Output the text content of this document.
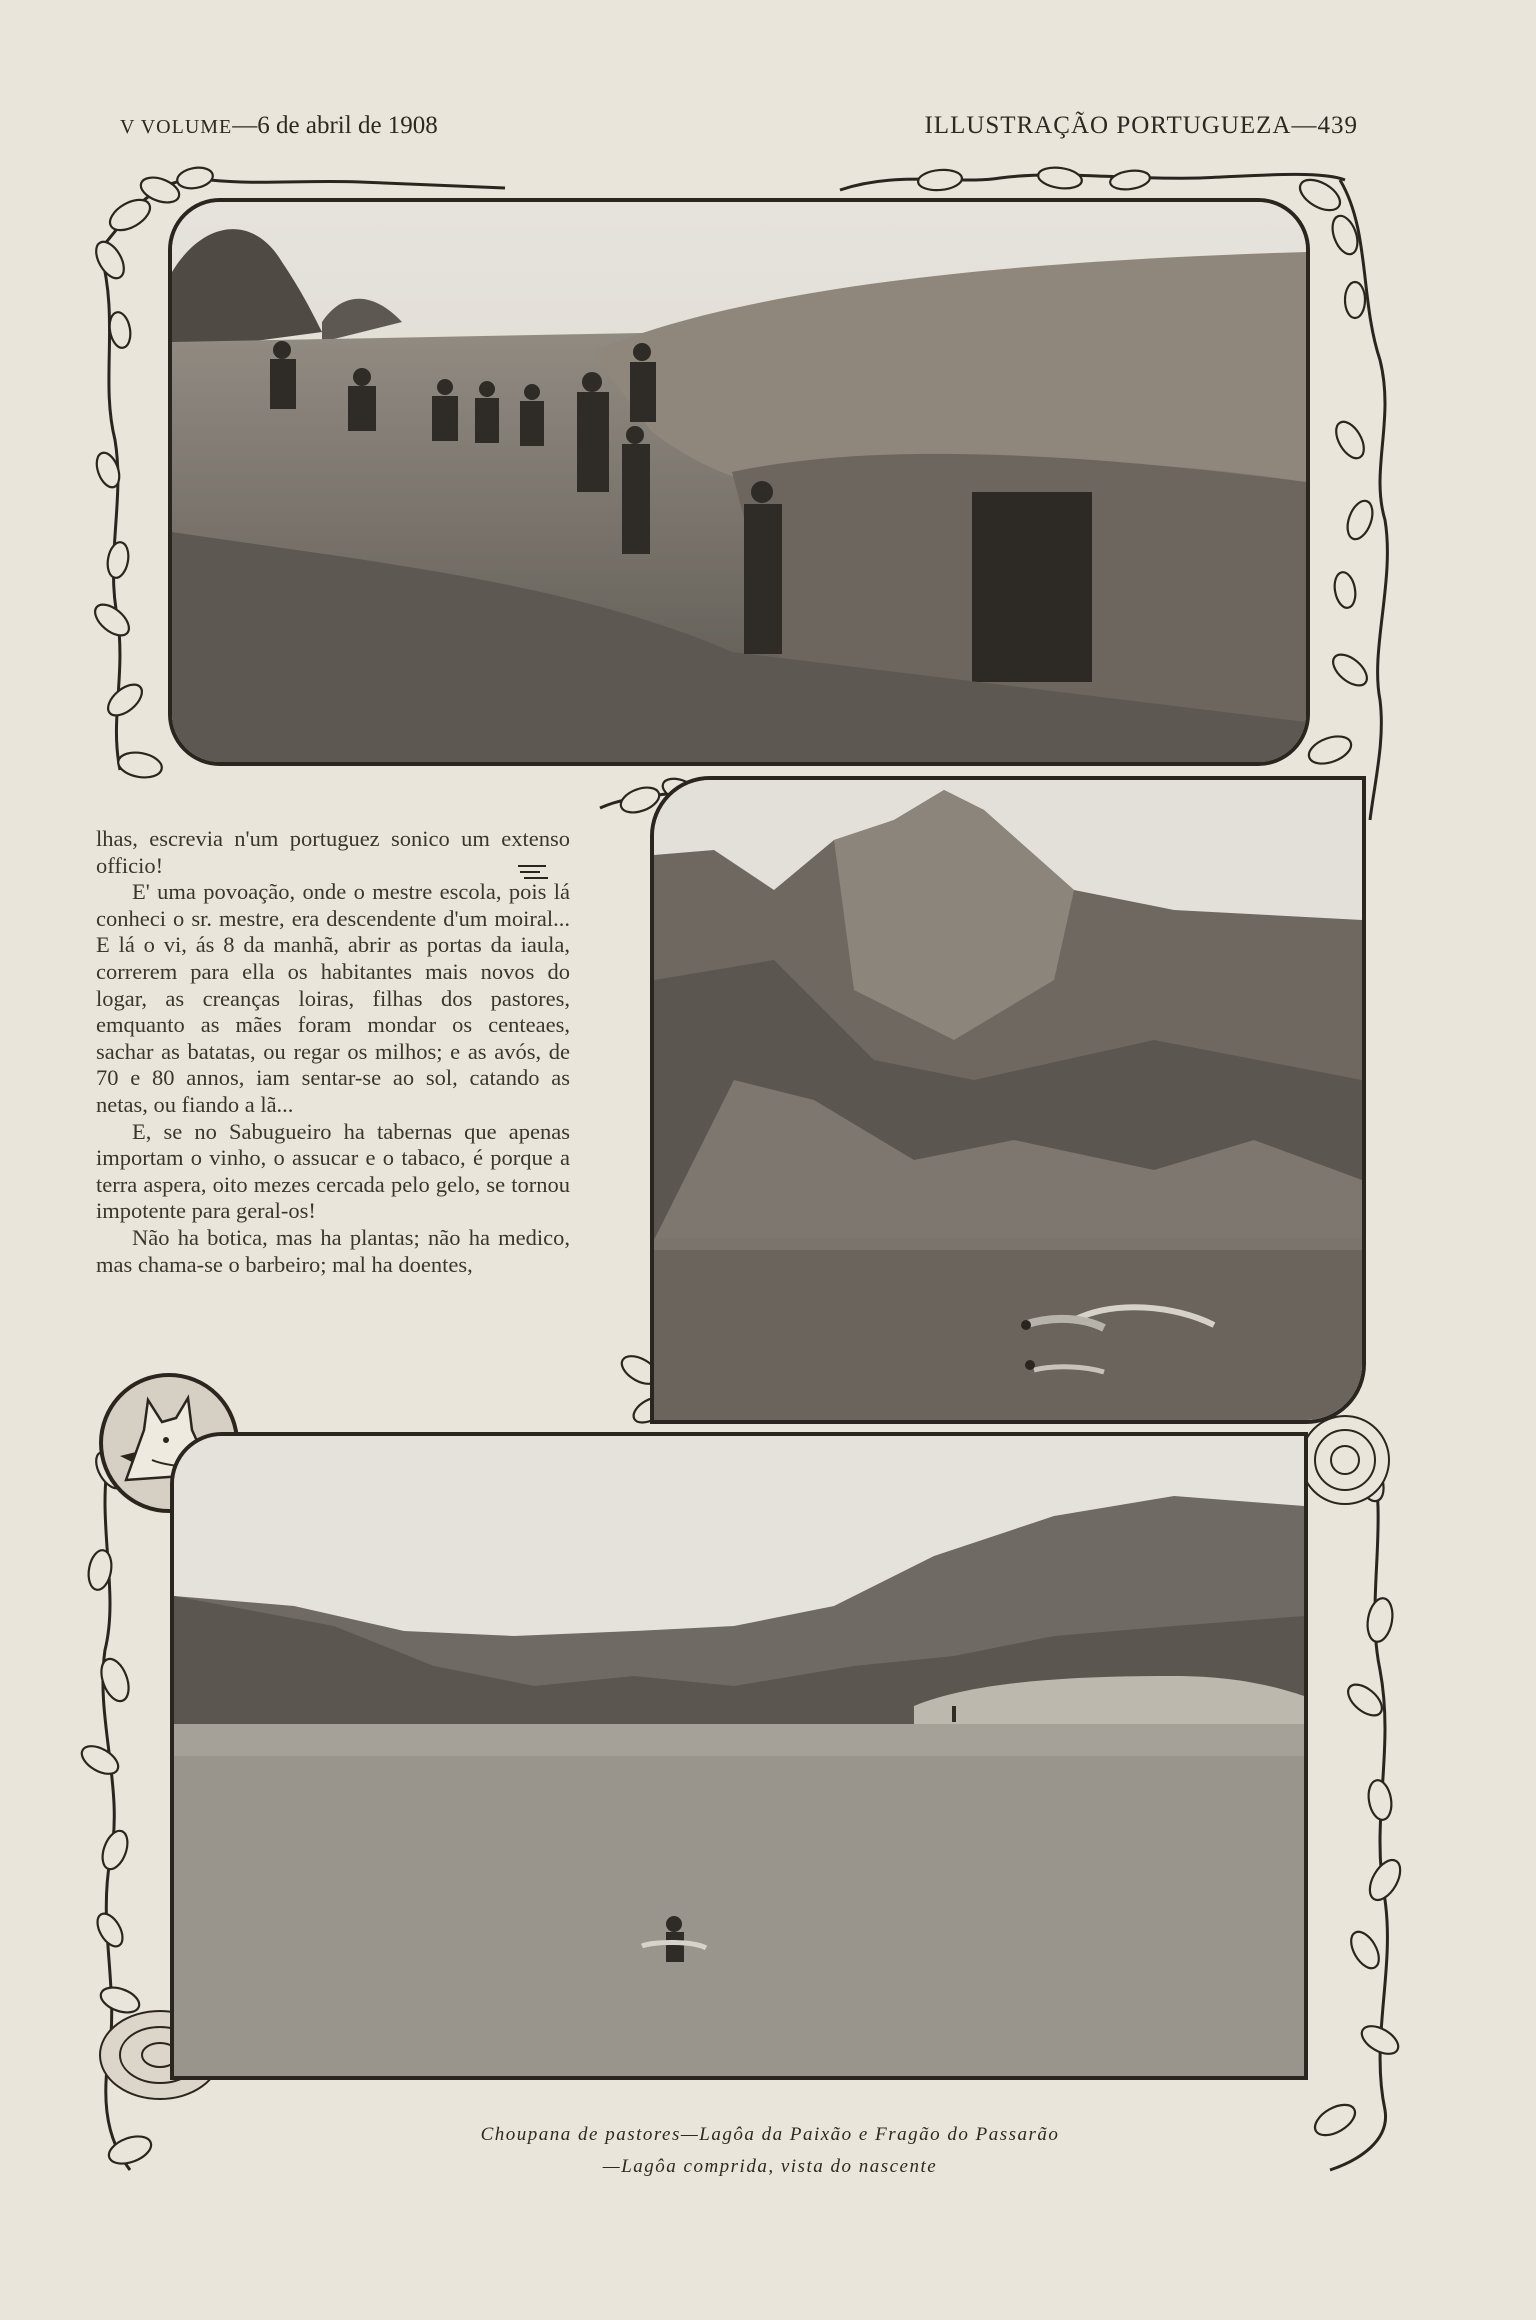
V VOLUME—6 de abril de 1908	ILLUSTRAÇÃO PORTUGUEZA—439

lhas, escrevia n'um portuguez sonico um extenso officio!

E' uma povoação, onde o mestre escola, pois lá conheci o sr. mestre, era descendente d'um moiral... E lá o vi, ás 8 da manhã, abrir as portas da iaula, correrem para ella os habitantes mais novos do logar, as creanças loiras, filhas dos pastores, emquanto as mães foram mondar os centeaes, sachar as batatas, ou regar os milhos; e as avós, de 70 e 80 annos, iam sentar-se ao sol, catando as netas, ou fiando a lã...

E, se no Sabugueiro ha tabernas que apenas importam o vinho, o assucar e o tabaco, é porque a terra aspera, oito mezes cercada pelo gelo, se tornou impotente para geral-os!

Não ha botica, mas ha plantas; não ha medico, mas chama-se o barbeiro; mal ha doentes,

Choupana de pastores—Lagôa da Paixão e Fragão do Passarão
—Lagôa comprida, vista do nascente
